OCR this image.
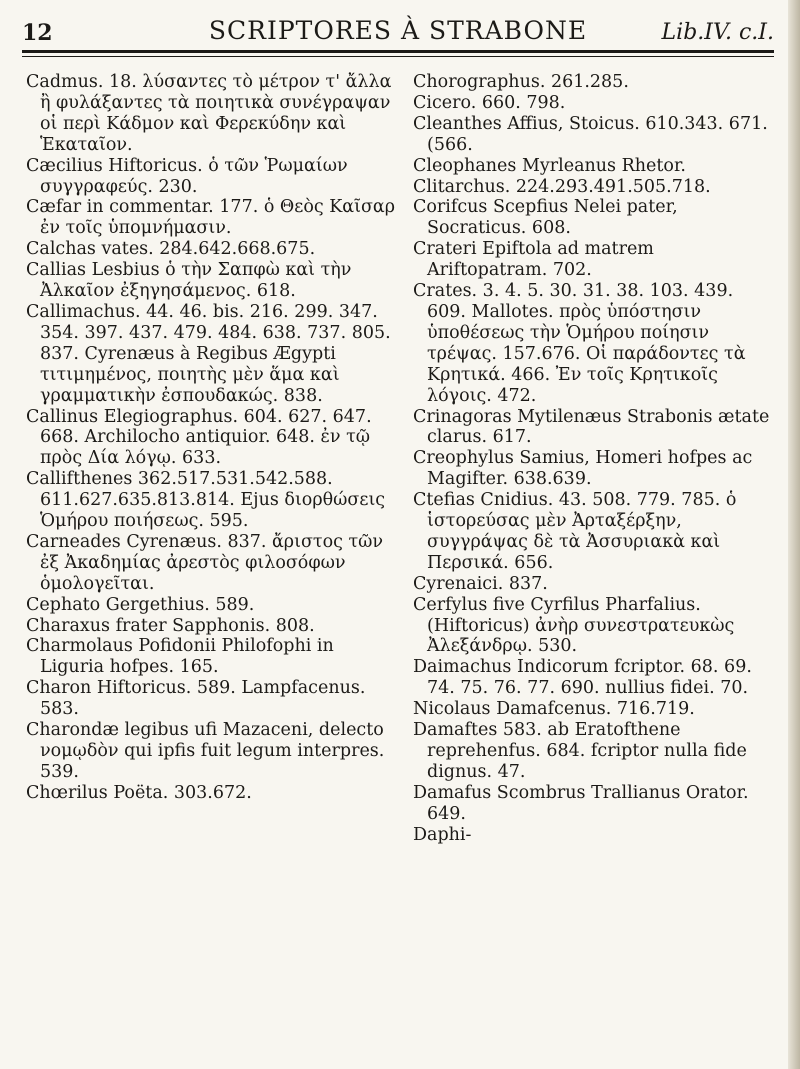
12	SCRIPTORES À STRABONE	Lib.IV. c.I.

Cadmus. 18. λύσαντες τὸ μέτρον τ' ἄλλα ἢ φυλάξαντες τὰ ποιητικὰ συνέγραψαν οἱ περὶ Κάδμον καὶ Φερεκύδην καὶ Ἑκαταῖον.

Cæcilius Hiftoricus. ὁ τῶν Ῥωμαίων συγγραφεύς. 230.

Cæfar in commentar. 177. ὁ Θεὸς Καῖσαρ ἐν τοῖς ὑπομνήμασιν.

Calchas vates. 284.642.668.675.

Callias Lesbius ὁ τὴν Σαπφὼ καὶ τὴν Ἀλκαῖον ἐξηγησάμενος. 618.

Callimachus. 44. 46. bis. 216. 299. 347. 354. 397. 437. 479. 484. 638. 737. 805. 837. Cyrenæus à Regibus Ægypti τιτιμημένος, ποιητὴς μὲν ἅμα καὶ γραμματικὴν ἐσπουδακώς. 838.

Callinus Elegiographus. 604. 627. 647. 668. Archilocho antiquior. 648. ἐν τῷ πρὸς Δία λόγῳ. 633.

Callifthenes 362.517.531.542.588. 611.627.635.813.814. Ejus διορθώσεις Ὁμήρου ποιήσεως. 595.

Carneades Cyrenæus. 837. ἄριστος τῶν ἐξ Ἀκαδημίας ἀρεστὸς φιλοσόφων ὁμολογεῖται.

Cephato Gergethius. 589.

Charaxus frater Sapphonis. 808.

Charmolaus Pofidonii Philofophi in Liguria hofpes. 165.

Charon Hiftoricus. 589. Lampfacenus. 583.

Charondæ legibus ufi Mazaceni, delecto νομῳδὸν qui ipfis fuit legum interpres. 539.

Chœrilus Poëta. 303.672.

Chorographus. 261.285.

Cicero. 660. 798.

Cleanthes Affius, Stoicus. 610.343. 671. (566.

Cleophanes Myrleanus Rhetor.

Clitarchus. 224.293.491.505.718.

Corifcus Scepfius Nelei pater, Socraticus. 608.

Crateri Epiftola ad matrem Ariftopatram. 702.

Crates. 3. 4. 5. 30. 31. 38. 103. 439. 609. Mallotes. πρὸς ὑπόστησιν ὑποθέσεως τὴν Ὁμήρου ποίησιν τρέψας. 157.676. Οἱ παράδοντες τὰ Κρητικά. 466. Ἐν τοῖς Κρητικοῖς λόγοις. 472.

Crinagoras Mytilenæus Strabonis ætate clarus. 617.

Creophylus Samius, Homeri hofpes ac Magifter. 638.639.

Ctefias Cnidius. 43. 508. 779. 785. ὁ ἱστορεύσας μὲν Ἀρταξέρξην, συγγράψας δὲ τὰ Ἀσσυριακὰ καὶ Περσικά. 656.

Cyrenaici. 837.

Cerfylus five Cyrfilus Pharfalius. (Hiftoricus) ἀνὴρ συνεστρατευκὼς Ἀλεξάνδρῳ. 530.

Daimachus Indicorum fcriptor. 68. 69. 74. 75. 76. 77. 690. nullius fidei. 70.

Nicolaus Damafcenus. 716.719.

Damaftes 583. ab Eratofthene reprehenfus. 684. fcriptor nulla fide dignus. 47.

Damafus Scombrus Trallianus Orator. 649.

Daphi-
